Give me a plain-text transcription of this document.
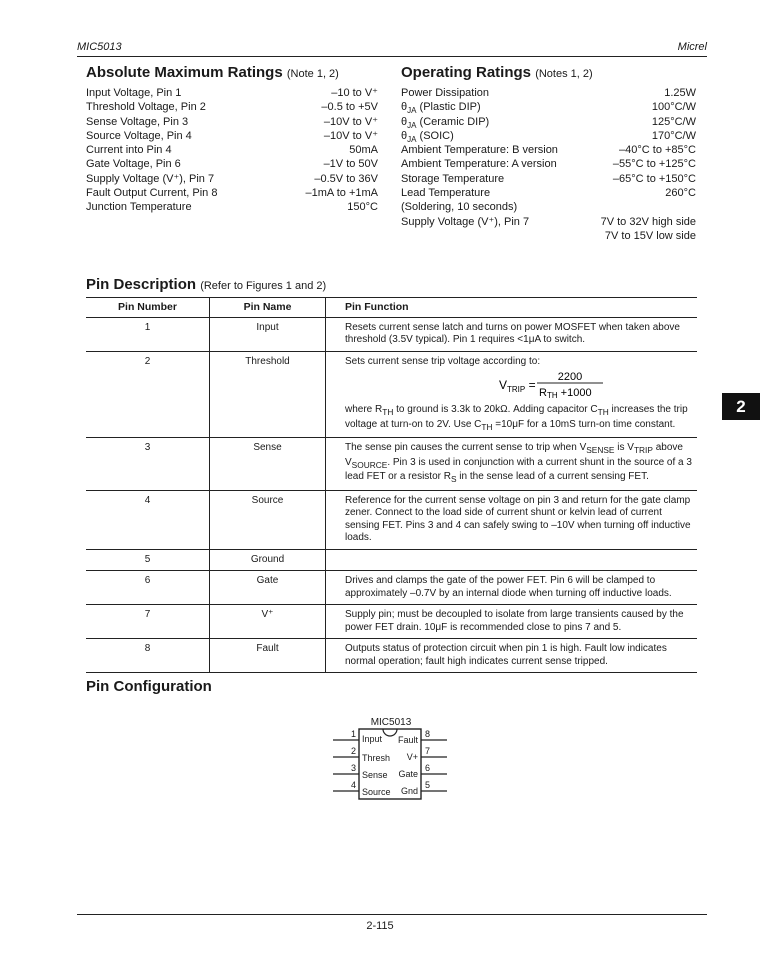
MIC5013	Micrel
Absolute Maximum Ratings (Note 1, 2)
Input Voltage, Pin 1	–10 to V⁺
Threshold Voltage, Pin 2	–0.5 to +5V
Sense Voltage, Pin 3	–10V to V⁺
Source Voltage, Pin 4	–10V to V⁺
Current into Pin 4	50mA
Gate Voltage, Pin 6	–1V to 50V
Supply Voltage (V⁺), Pin 7	–0.5V to 36V
Fault Output Current, Pin 8	–1mA to +1mA
Junction Temperature	150°C
Operating Ratings (Notes 1, 2)
Power Dissipation	1.25W
$\theta_{JA}$ (Plastic DIP)	100°C/W
$\theta_{JA}$ (Ceramic DIP)	125°C/W
$\theta_{JA}$ (SOIC)	170°C/W
Ambient Temperature: B version	–40°C to +85°C
Ambient Temperature: A version	–55°C to +125°C
Storage Temperature	–65°C to +150°C
Lead Temperature	260°C
(Soldering, 10 seconds)
Supply Voltage (V⁺), Pin 7	7V to 32V high side
7V to 15V low side
Pin Description (Refer to Figures 1 and 2)
Pin Number	Pin Name	Pin Function
1	Input	Resets current sense latch and turns on power MOSFET when taken above threshold (3.5V typical). Pin 1 requires <1μA to switch.
2	Threshold	Sets current sense trip voltage according to:
$V_{TRIP}$ =
2200
RTH +1000
where $R_{TH}$ to ground is 3.3k to 20kΩ. Adding capacitor $C_{TH}$ increases the trip voltage at turn-on to 2V. Use $C_{TH} =10\mu F$ for a 10mS turn-on time constant.

3	Sense	The sense pin causes the current sense to trip when $V_{SENSE}$ is $V_{TRIP}$ above $V_{SOURCE}$. Pin 3 is used in conjunction with a current shunt in the source of a 3 lead FET or a resistor $R_S$ in the sense lead of a current sensing FET.
4	Source	Reference for the current sense voltage on pin 3 and return for the gate clamp zener. Connect to the load side of current shunt or kelvin lead of current sensing FET. Pins 3 and 4 can safely swing to –10V when turning off inductive loads.
5	Ground	
6	Gate	Drives and clamps the gate of the power FET. Pin 6 will be clamped to approximately –0.7V by an internal diode when turning off inductive loads.
7	V⁺	Supply pin; must be decoupled to isolate from large transients caused by the power FET drain. 10μF is recommended close to pins 7 and 5.
8	Fault	Outputs status of protection circuit when pin 1 is high. Fault low indicates normal operation; fault high indicates current sense tripped.
2
Pin Configuration
MIC5013
1 Input
2
Thresh
3
Sense
4
Source
8
Fault
7
V+
6
Gate
5
Gnd
2-115
